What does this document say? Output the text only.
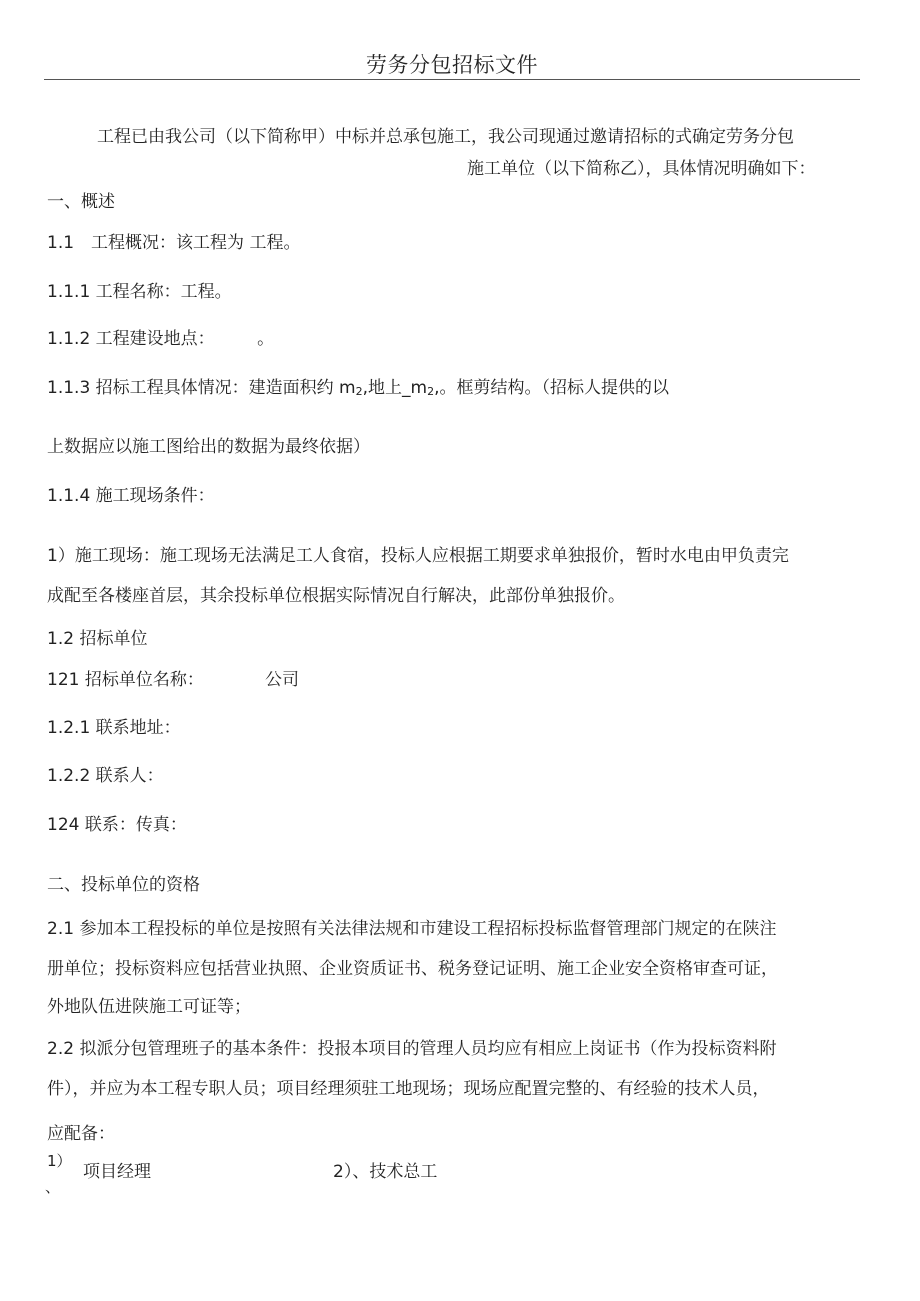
劳务分包招标文件
工程已由我公司（以下简称甲）中标并总承包施工，我公司现通过邀请招标的式确定劳务分包
施工单位（以下简称乙），具体情况明确如下：
一、概述
1.1　工程概况：该工程为 工程。
1.1.1 工程名称：工程。
1.1.2 工程建设地点：　　　。
1.1.3 招标工程具体情况：建造面积约 $m_2$,地上$\_m_2$,。框剪结构。（招标人提供的以
上数据应以施工图给出的数据为最终依据）
1.1.4 施工现场条件：
1）施工现场：施工现场无法满足工人食宿，投标人应根据工期要求单独报价，暂时水电由甲负责完
成配至各楼座首层，其余投标单位根据实际情况自行解决，此部份单独报价。
1.2 招标单位
121 招标单位名称：	公司
1.2.1 联系地址：
1.2.2 联系人：
124 联系：传真：
二、投标单位的资格
2.1 参加本工程投标的单位是按照有关法律法规和市建设工程招标投标监督管理部门规定的在陕注
册单位；投标资料应包括营业执照、企业资质证书、税务登记证明、施工企业安全资格审查可证，
外地队伍进陕施工可证等；
2.2 拟派分包管理班子的基本条件：投报本项目的管理人员均应有相应上岗证书（作为投标资料附
件），并应为本工程专职人员；项目经理须驻工地现场；现场应配置完整的、有经验的技术人员，
应配备：
1）
、
项目经理	2）、技术总工
